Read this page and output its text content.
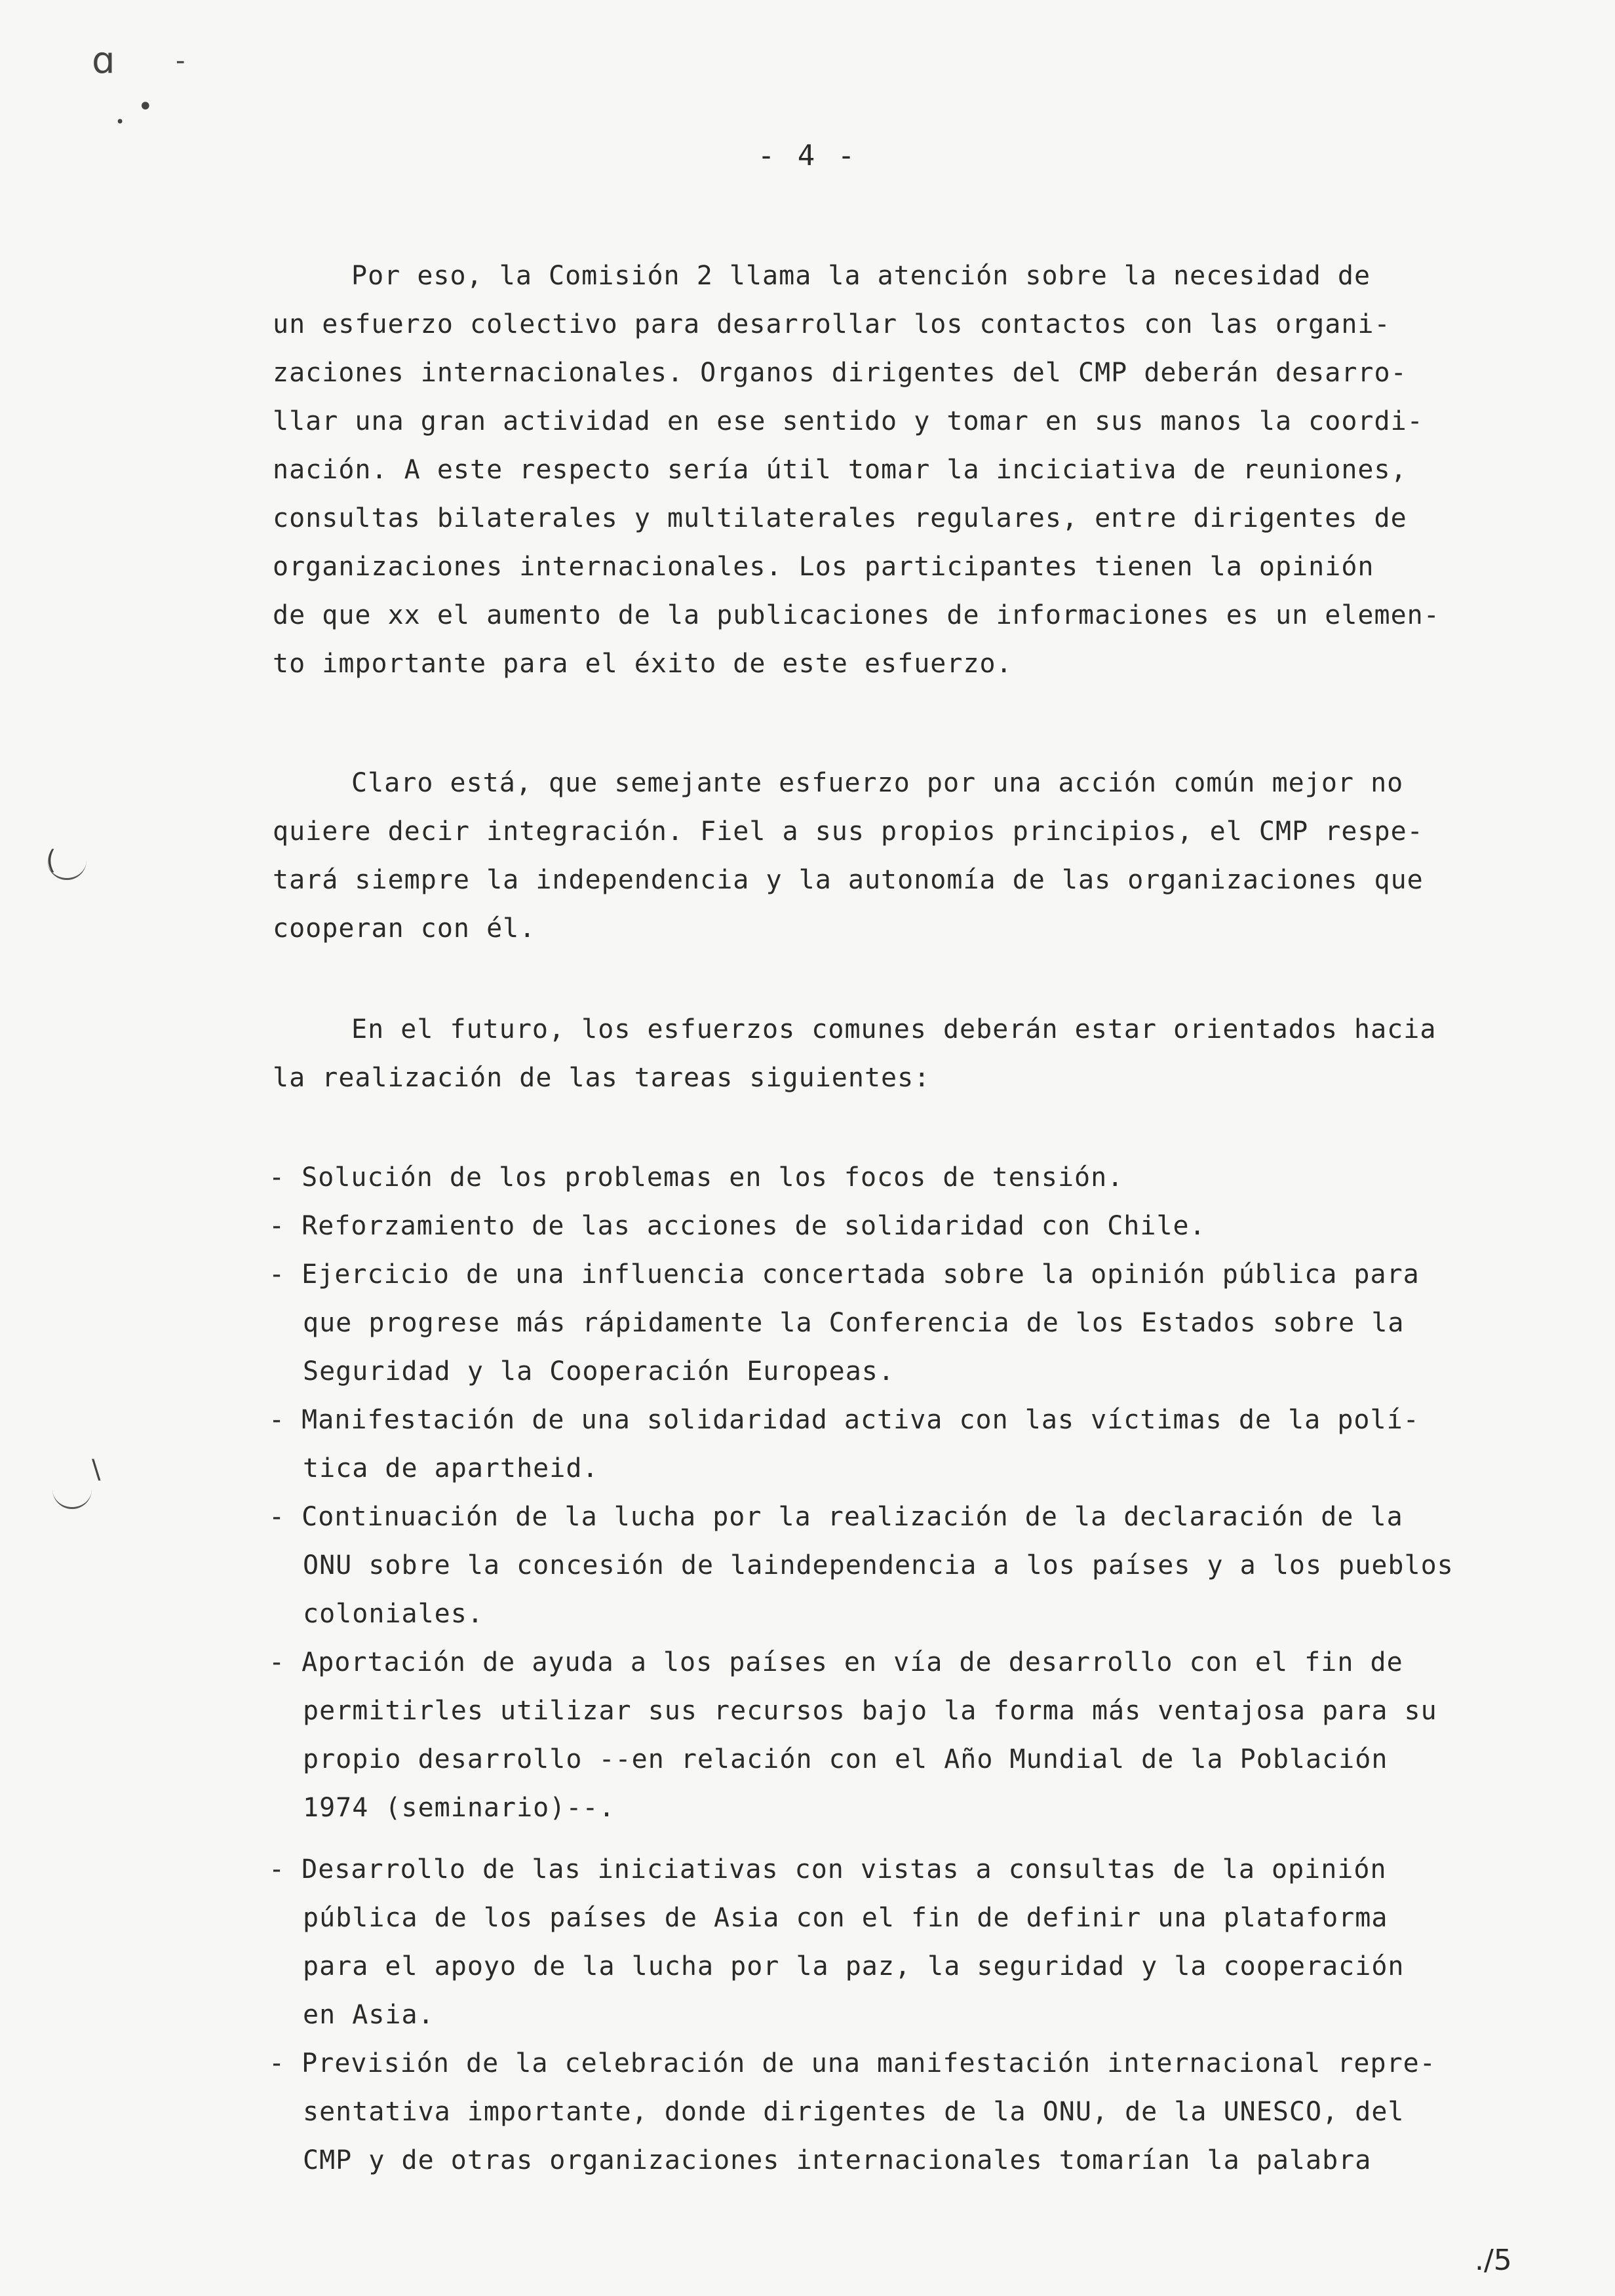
ɑ -
•
•
(
\
- 4 -
Por eso, la Comisión 2 llama la atención sobre la necesidad de
un esfuerzo colectivo para desarrollar los contactos con las organi-
zaciones internacionales. Organos dirigentes del CMP deberán desarro-
llar una gran actividad en ese sentido y tomar en sus manos la coordi-
nación. A este respecto sería útil tomar la inciciativa de reuniones,
consultas bilaterales y multilaterales regulares, entre dirigentes de
organizaciones internacionales. Los participantes tienen la opinión
de que xx el aumento de la publicaciones de informaciones es un elemen-
to importante para el éxito de este esfuerzo.
Claro está, que semejante esfuerzo por una acción común mejor no
quiere decir integración. Fiel a sus propios principios, el CMP respe-
tará siempre la independencia y la autonomía de las organizaciones que
cooperan con él.
En el futuro, los esfuerzos comunes deberán estar orientados hacia
la realización de las tareas siguientes:
- Solución de los problemas en los focos de tensión.
- Reforzamiento de las acciones de solidaridad con Chile.
- Ejercicio de una influencia concertada sobre la opinión pública para
que progrese más rápidamente la Conferencia de los Estados sobre la
Seguridad y la Cooperación Europeas.
- Manifestación de una solidaridad activa con las víctimas de la polí-
tica de apartheid.
- Continuación de la lucha por la realización de la declaración de la
ONU sobre la concesión de laindependencia a los países y a los pueblos
coloniales.
- Aportación de ayuda a los países en vía de desarrollo con el fin de
permitirles utilizar sus recursos bajo la forma más ventajosa para su
propio desarrollo --en relación con el Año Mundial de la Población
1974 (seminario)--.
- Desarrollo de las iniciativas con vistas a consultas de la opinión
pública de los países de Asia con el fin de definir una plataforma
para el apoyo de la lucha por la paz, la seguridad y la cooperación
en Asia.
- Previsión de la celebración de una manifestación internacional repre-
sentativa importante, donde dirigentes de la ONU, de la UNESCO, del
CMP y de otras organizaciones internacionales tomarían la palabra
./5
